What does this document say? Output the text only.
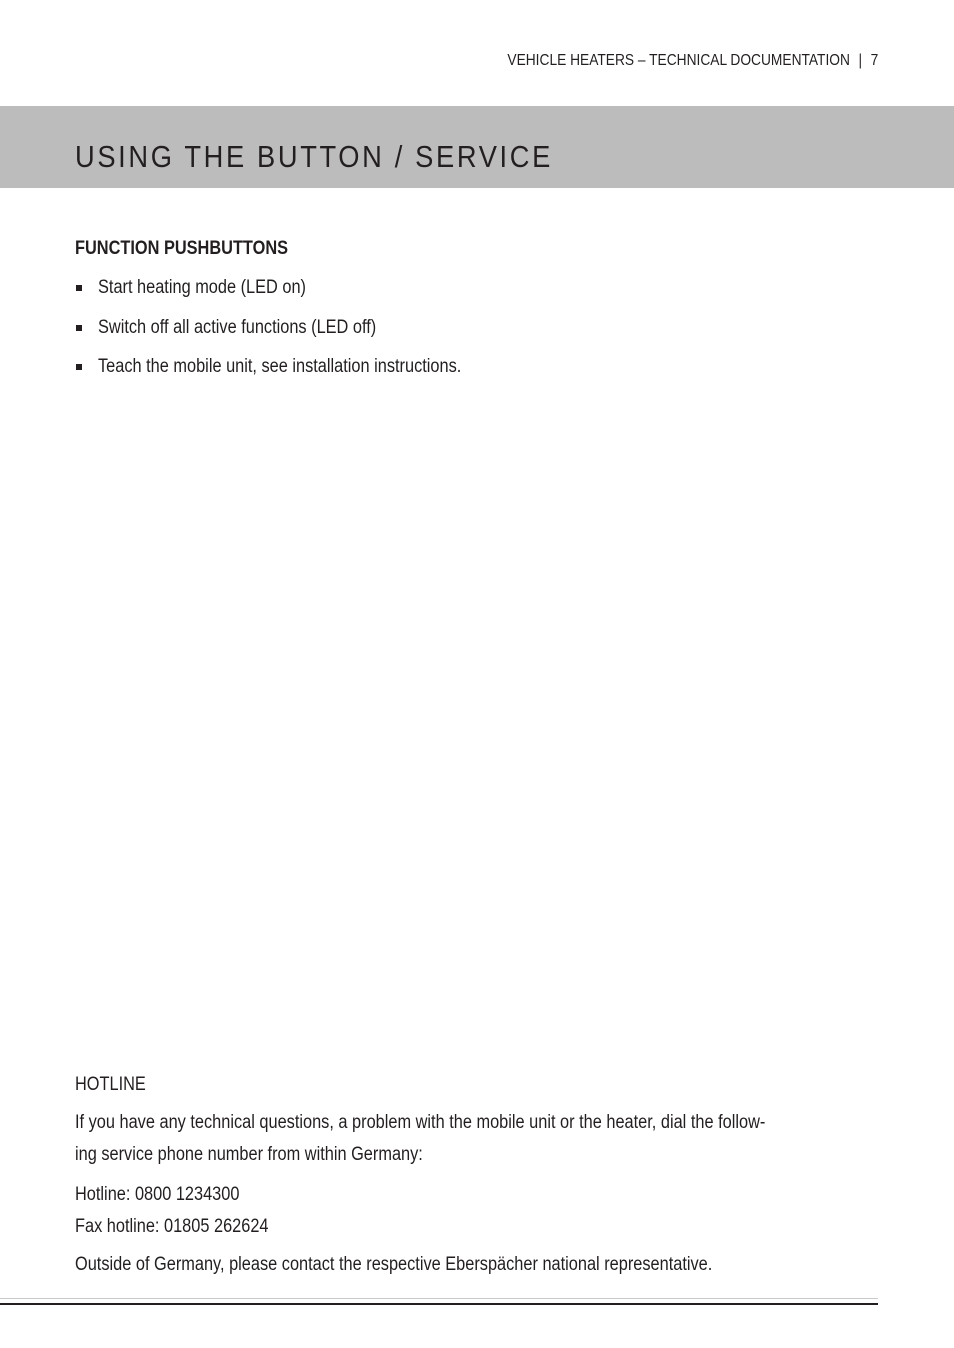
VEHICLE HEATERS – TECHNICAL DOCUMENTATION | 7
USING THE BUTTON / SERVICE
FUNCTION PUSHBUTTONS
Start heating mode (LED on)
Switch off all active functions (LED off)
Teach the mobile unit, see installation instructions.

HOTLINE

If you have any technical questions, a problem with the mobile unit or the heater, dial the follow-
ing service phone number from within Germany:

Hotline: 0800 1234300
Fax hotline: 01805 262624

Outside of Germany, please contact the respective Eberspächer national representative.
